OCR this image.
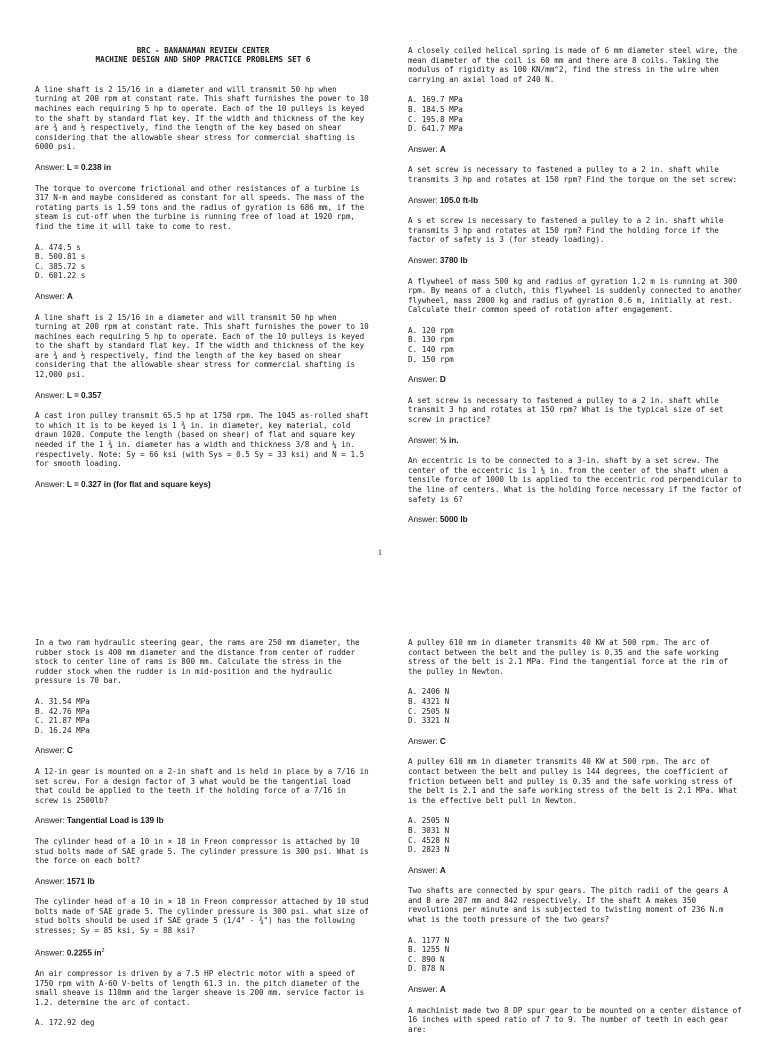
BRC - BANANAMAN REVIEW CENTER
MACHINE DESIGN AND SHOP PRACTICE PROBLEMS SET 6

A line shaft is 2 15/16 in a diameter and will transmit 50 hp when turning at 200 rpm at constant rate. This shaft furnishes the power to 10 machines each requiring 5 hp to operate. Each of the 10 pulleys is keyed to the shaft by standard flat key. If the width and thickness of the key are ¾ and ½ respectively, find the length of the key based on shear considering that the allowable shear stress for commercial shafting is 6000 psi.

Answer: L = 0.238 in

The torque to overcome frictional and other resistances of a turbine is 317 N-m and maybe considered as constant for all speeds. The mass of the rotating parts is 1.59 tons and the radius of gyration is 686 mm, if the steam is cut-off when the turbine is running free of load at 1920 rpm, find the time it will take to come to rest.

A. 474.5 s
B. 500.81 s
C. 385.72 s
D. 601.22 s

Answer: A

A line shaft is 2 15/16 in a diameter and will transmit 50 hp when turning at 200 rpm at constant rate. This shaft furnishes the power to 10 machines each requiring 5 hp to operate. Each of the 10 pulleys is keyed to the shaft by standard flat key. If the width and thickness of the key are ¾ and ½ respectively, find the length of the key based on shear considering that the allowable shear stress for commercial shafting is 12,000 psi.

Answer: L = 0.357

A cast iron pulley transmit 65.5 hp at 1750 rpm. The 1045 as-rolled shaft to which it is to be keyed is 1 ¾ in. in diameter, key material, cold drawn 1020. Compute the length (based on shear) of flat and square key needed if the 1 ¾ in. diameter has a width and thickness 3/8 and ¼ in. respectively. Note: Sy = 66 ksi (with Sys = 0.5 Sy = 33 ksi) and N = 1.5 for smooth loading.

Answer: L = 0.327 in (for flat and square keys)

A closely coiled helical spring is made of 6 mm diameter steel wire, the mean diameter of the coil is 60 mm and there are 8 coils. Taking the modulus of rigidity as 100 KN/mm^2, find the stress in the wire when carrying an axial load of 240 N.

A. 169.7 MPa
B. 184.5 MPa
C. 195.8 MPa
D. 641.7 MPa

Answer: A

A set screw is necessary to fastened a pulley to a 2 in. shaft while transmits 3 hp and rotates at 150 rpm? Find the torque on the set screw:

Answer: 105.0 ft-lb

A s et screw is necessary to fastened a pulley to a 2 in. shaft while transmits 3 hp and rotates at 150 rpm? Find the holding force if the factor of safety is 3 (for steady loading).

Answer: 3780 lb

A flywheel of mass 500 kg and radius of gyration 1.2 m is running at 300 rpm. By means of a clutch, this flywheel is suddenly connected to another flywheel, mass 2000 kg and radius of gyration 0.6 m, initially at rest. Calculate their common speed of rotation after engagement.

A. 120 rpm
B. 130 rpm
C. 140 rpm
D. 150 rpm

Answer: D

A set screw is necessary to fastened a pulley to a 2 in. shaft while transmit 3 hp and rotates at 150 rpm? What is the typical size of set screw in practice?

Answer: ½ in.

An eccentric is to be connected to a 3-in. shaft by a set screw. The center of the eccentric is 1 ¼ in. from the center of the shaft when a tensile force of 1000 lb is applied to the eccentric rod perpendicular to the line of centers. What is the holding force necessary if the factor of safety is 6?

Answer: 5000 lb

1

In a two ram hydraulic steering gear, the rams are 250 mm diameter, the rubber stock is 400 mm diameter and the distance from center of rudder stock to center line of rams is 800 mm. Calculate the stress in the rudder stock when the rudder is in mid-position and the hydraulic pressure is 70 bar.

A. 31.54 MPa
B. 42.76 MPa
C. 21.87 MPa
D. 16.24 MPa

Answer: C

A 12-in gear is mounted on a 2-in shaft and is held in place by a 7/16 in set screw. For a design factor of 3 what would be the tangential load that could be applied to the teeth if the holding force of a 7/16 in screw is 2500lb?

Answer: Tangential Load is 139 lb

The cylinder head of a 10 in × 18 in Freon compressor is attached by 10 stud bolts made of SAE grade 5. The cylinder pressure is 300 psi. What is the force on each bolt?

Answer: 1571 lb

The cylinder head of a 10 in × 18 in Freon compressor attached by 10 stud bolts made of SAE grade 5. The cylinder pressure is 300 psi. what size of stud bolts should be used if SAE grade 5 (1/4" - ¾") has the following stresses; Sy = 85 ksi, Sy = 88 ksi?

Answer: 0.2255 $in^2$

An air compressor is driven by a 7.5 HP electric motor with a speed of 1750 rpm with A-60 V-belts of length 61.3 in. the pitch diameter of the small sheave is 110mm and the larger sheave is 200 mm. service factor is 1.2. determine the arc of contact.

A. 172.92 deg

A pulley 610 mm in diameter transmits 40 KW at 500 rpm. The arc of contact between the belt and the pulley is 0.35 and the safe working stress of the belt is 2.1 MPa. Find the tangential force at the rim of the pulley in Newton.

A. 2406 N
B. 4321 N
C. 2505 N
D. 3321 N

Answer: C

A pulley 610 mm in diameter transmits 40 KW at 500 rpm. The arc of contact between the belt and pulley is 144 degrees, the coefficient of friction between belt and pulley is 0.35 and the safe working stress of the belt is 2.1 and the safe working stress of the belt is 2.1 MPa. What is the effective belt pull in Newton.

A. 2505 N
B. 3031 N
C. 4528 N
D. 2823 N

Answer: A

Two shafts are connected by spur gears. The pitch radii of the gears A and B are 207 mm and 842 respectively. If the shaft A makes 350 revolutions per minute and is subjected to twisting moment of 236 N.m what is the tooth pressure of the two gears?

A. 1177 N
B. 1255 N
C. 890 N
D. 878 N

Answer: A

A machinist made two 8 DP spur gear to be mounted on a center distance of 16 inches with speed ratio of 7 to 9. The number of teeth in each gear are:
